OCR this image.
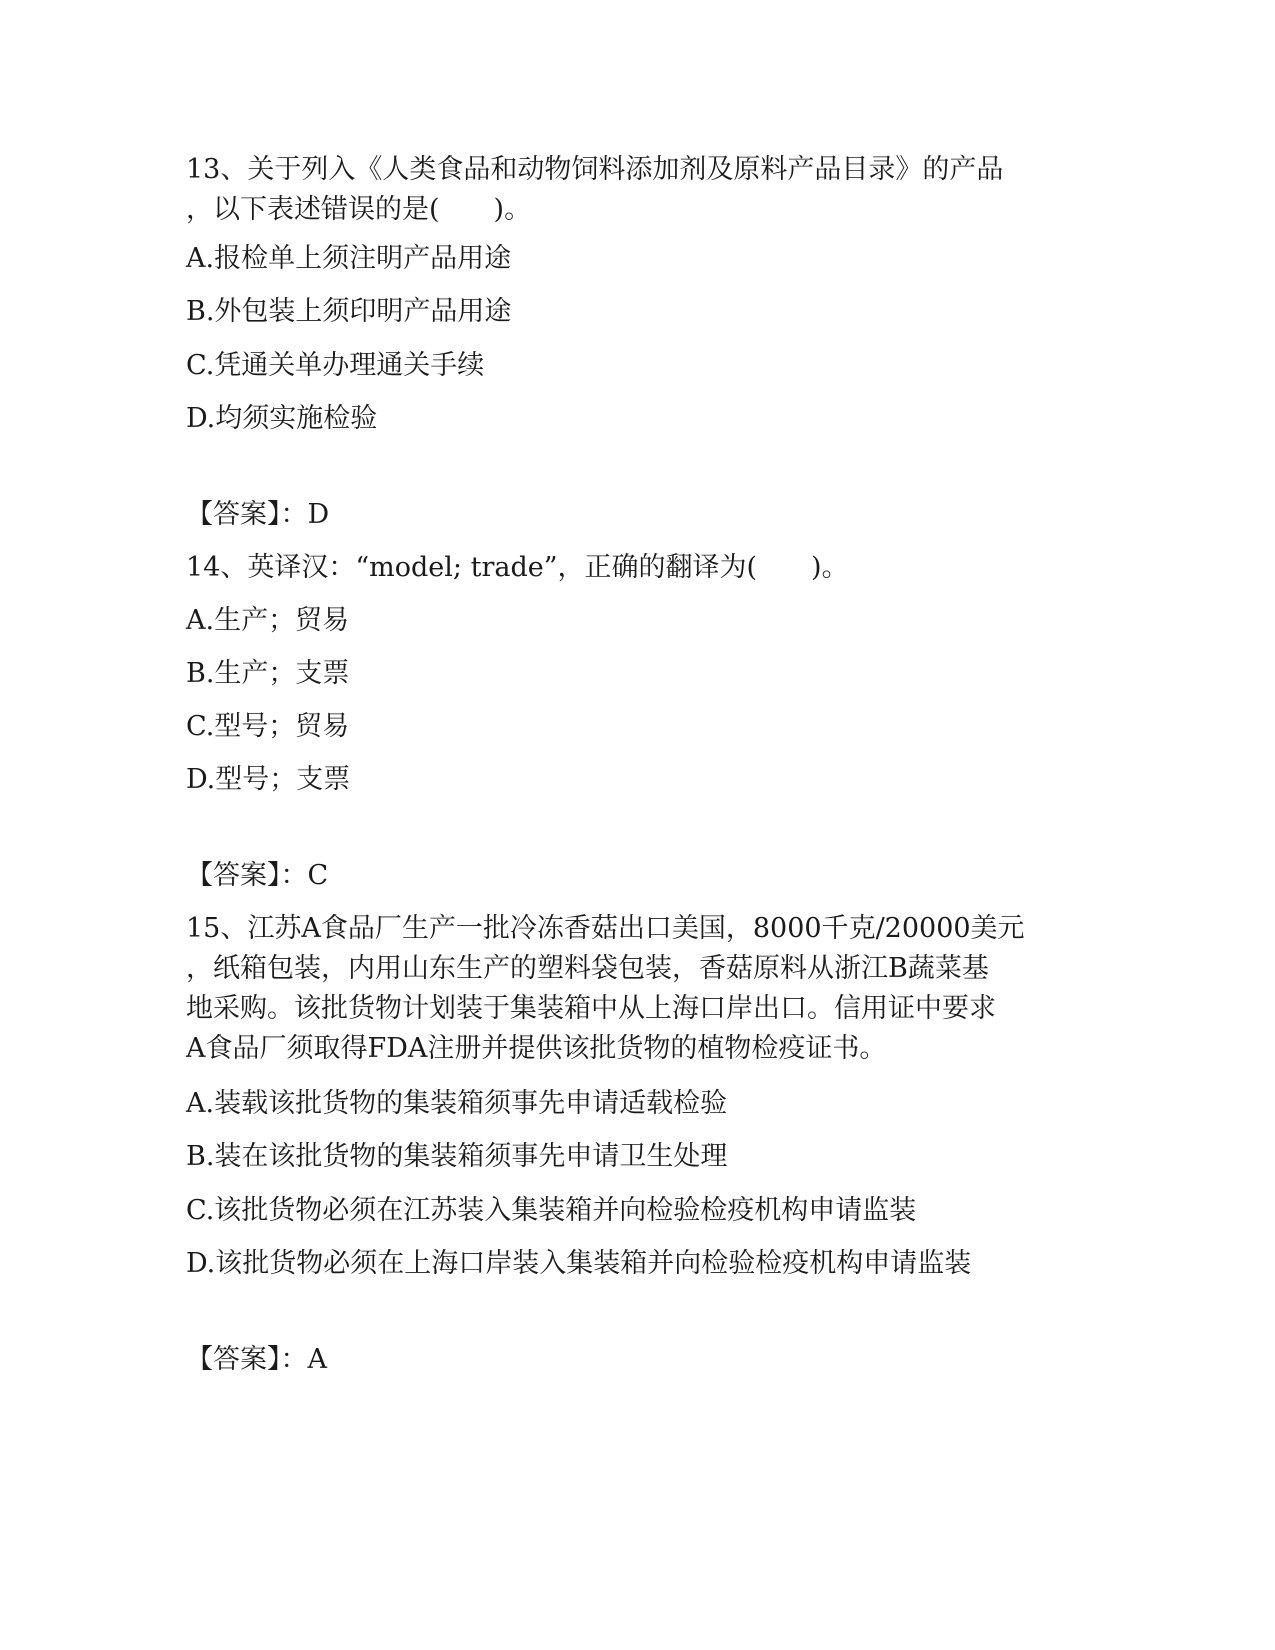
13、关于列入《人类食品和动物饲料添加剂及原料产品目录》的产品
，以下表述错误的是(　　)。
A.报检单上须注明产品用途
B.外包装上须印明产品用途
C.凭通关单办理通关手续
D.均须实施检验
【答案】：D
14、英译汉：“model; trade”，正确的翻译为(　　)。
A.生产；贸易
B.生产；支票
C.型号；贸易
D.型号；支票
【答案】：C
15、江苏A食品厂生产一批冷冻香菇出口美国，8000千克/20000美元
，纸箱包装，内用山东生产的塑料袋包装，香菇原料从浙江B蔬菜基
地采购。该批货物计划装于集装箱中从上海口岸出口。信用证中要求
A食品厂须取得FDA注册并提供该批货物的植物检疫证书。
A.装载该批货物的集装箱须事先申请适载检验
B.装在该批货物的集装箱须事先申请卫生处理
C.该批货物必须在江苏装入集装箱并向检验检疫机构申请监装
D.该批货物必须在上海口岸装入集装箱并向检验检疫机构申请监装
【答案】：A
